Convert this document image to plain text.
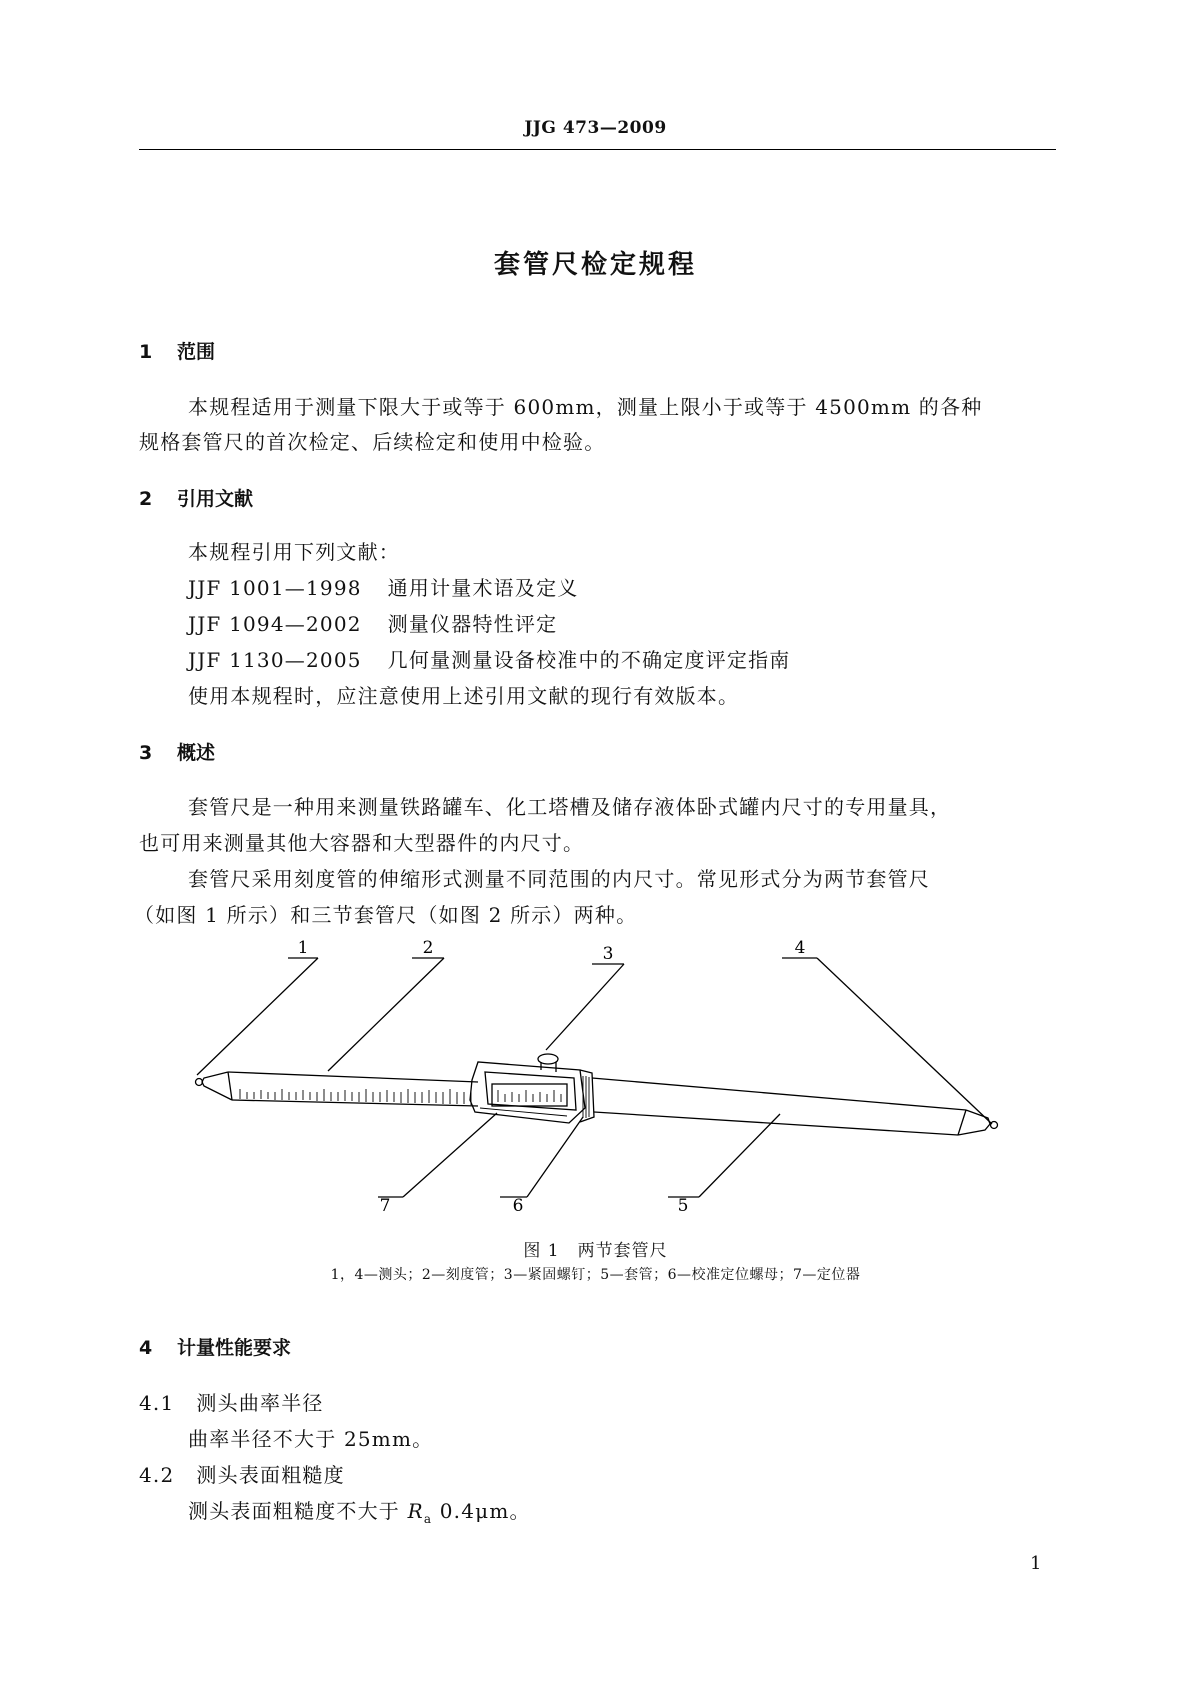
JJG 473—2009
套管尺检定规程
1 范围
本规程适用于测量下限大于或等于 600mm，测量上限小于或等于 4500mm 的各种
规格套管尺的首次检定、后续检定和使用中检验。
2 引用文献
本规程引用下列文献：
JJF 1001—1998 通用计量术语及定义
JJF 1094—2002 测量仪器特性评定
JJF 1130—2005 几何量测量设备校准中的不确定度评定指南
使用本规程时，应注意使用上述引用文献的现行有效版本。
3 概述
套管尺是一种用来测量铁路罐车、化工塔槽及储存液体卧式罐内尺寸的专用量具，
也可用来测量其他大容器和大型器件的内尺寸。
套管尺采用刻度管的伸缩形式测量不同范围的内尺寸。常见形式分为两节套管尺
（如图 1 所示）和三节套管尺（如图 2 所示）两种。
1	2	3	4
5
6
7
图 1 两节套管尺
1，4—测头；2—刻度管；3—紧固螺钉；5—套管；6—校准定位螺母；7—定位器
4 计量性能要求
4.1 测头曲率半径
曲率半径不大于 25mm。
4.2 测头表面粗糙度
测头表面粗糙度不大于 $R_a$ 0.4μm。
1
